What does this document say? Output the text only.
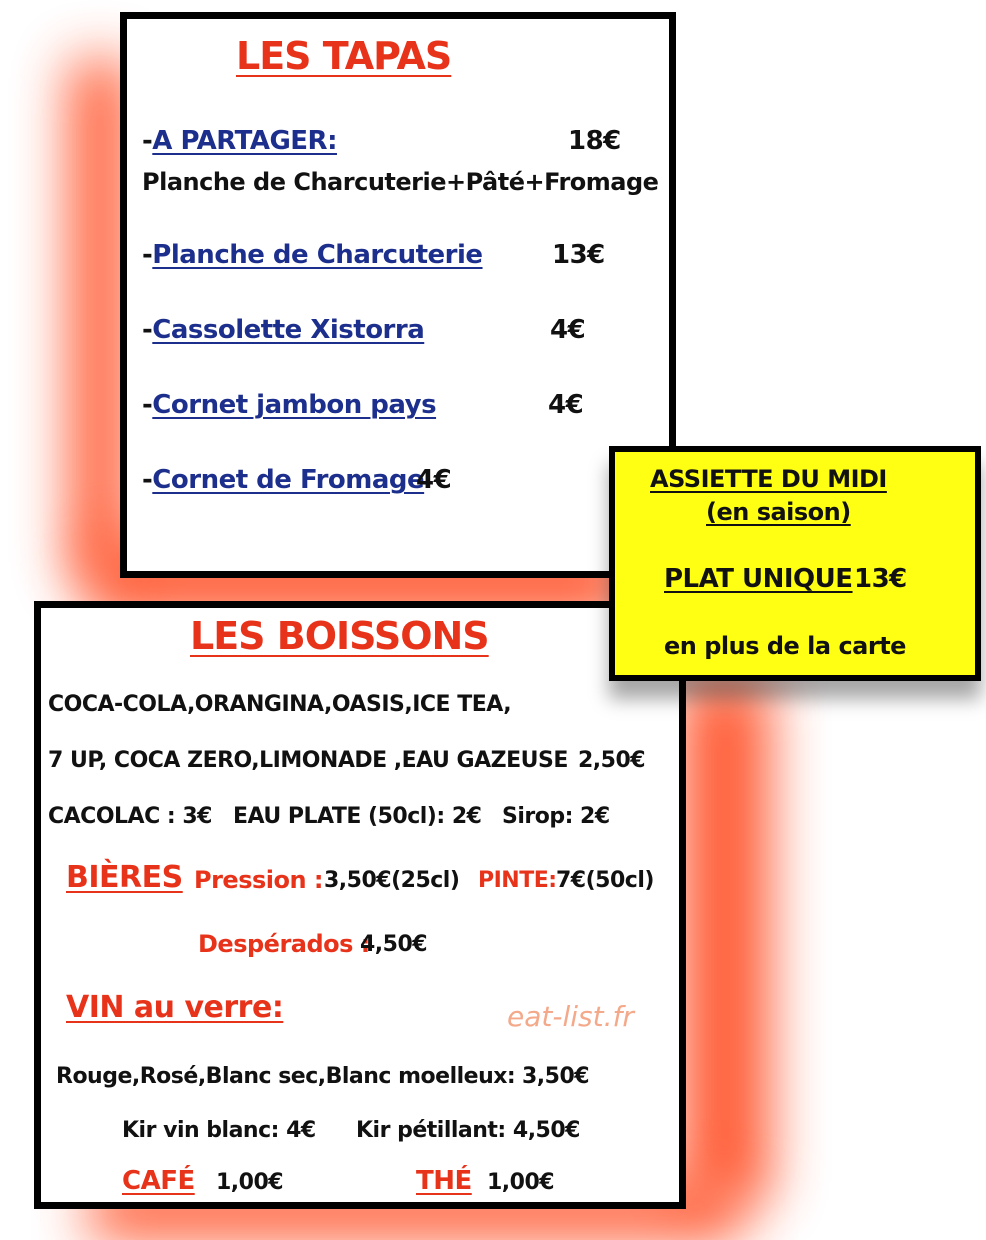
LES TAPAS
-A PARTAGER:	18€
Planche de Charcuterie+Pâté+Fromage
-Planche de Charcuterie	13€
-Cassolette Xistorra	4€
-Cornet jambon pays	4€
-Cornet de Fromage
4€
LES BOISSONS
COCA-COLA,ORANGINA,OASIS,ICE TEA,
7 UP, COCA ZERO,LIMONADE ,EAU GAZEUSE 2,50€
CACOLAC : 3€ EAU PLATE (50cl): 2€ Sirop: 2€
BIÈRES Pression : 3,50€(25cl) PINTE: 7€(50cl)
Despérados :
4,50€
VIN au verre:
Rouge,Rosé,Blanc sec,Blanc moelleux: 3,50€
Kir vin blanc: 4€ Kir pétillant: 4,50€
CAFÉ 1,00€	THÉ 1,00€
eat-list.fr
ASSIETTE DU MIDI
(en saison)
PLAT UNIQUE 13€
en plus de la carte
